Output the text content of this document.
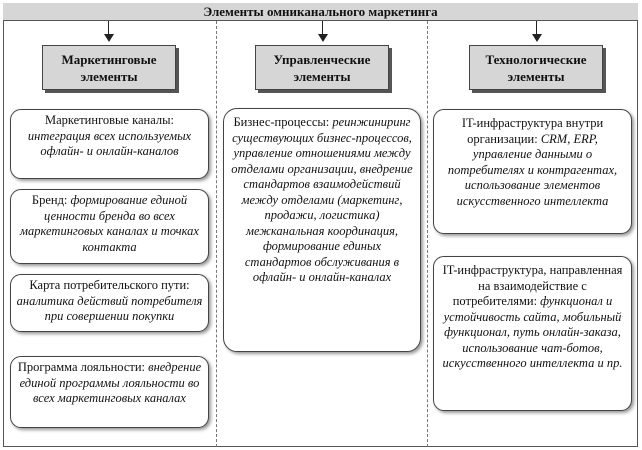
Элементы омниканального маркетинга
Маркетинговые
элементы
Управленческие
элементы
Технологические
элементы
Маркетинговые каналы: интеграция всех используемых офлайн- и онлайн-каналов
Бренд: формирование единой ценности бренда во всех маркетинговых каналах и точках контакта
Карта потребительского пути: аналитика действий потребителя при совершении покупки
Программа лояльности: внедрение единой программы лояльности во всех маркетинговых каналах
Бизнес-процессы: реинжиниринг существующих бизнес-процессов, управление отношениями между отделами организации, внедрение стандартов взаимодействий между отделами (маркетинг, продажи, логистика) межканальная координация, формирование единых стандартов обслуживания в офлайн- и онлайн-каналах
IT-инфраструктура внутри организации: CRM, ERP, управление данными о потребителях и контрагентах, использование элементов искусственного интеллекта
IT-инфраструктура, направленная на взаимодействие с потребителями: функционал и устойчивость сайта, мобильный функционал, путь онлайн-заказа, использование чат-ботов, искусственного интеллекта и пр.
